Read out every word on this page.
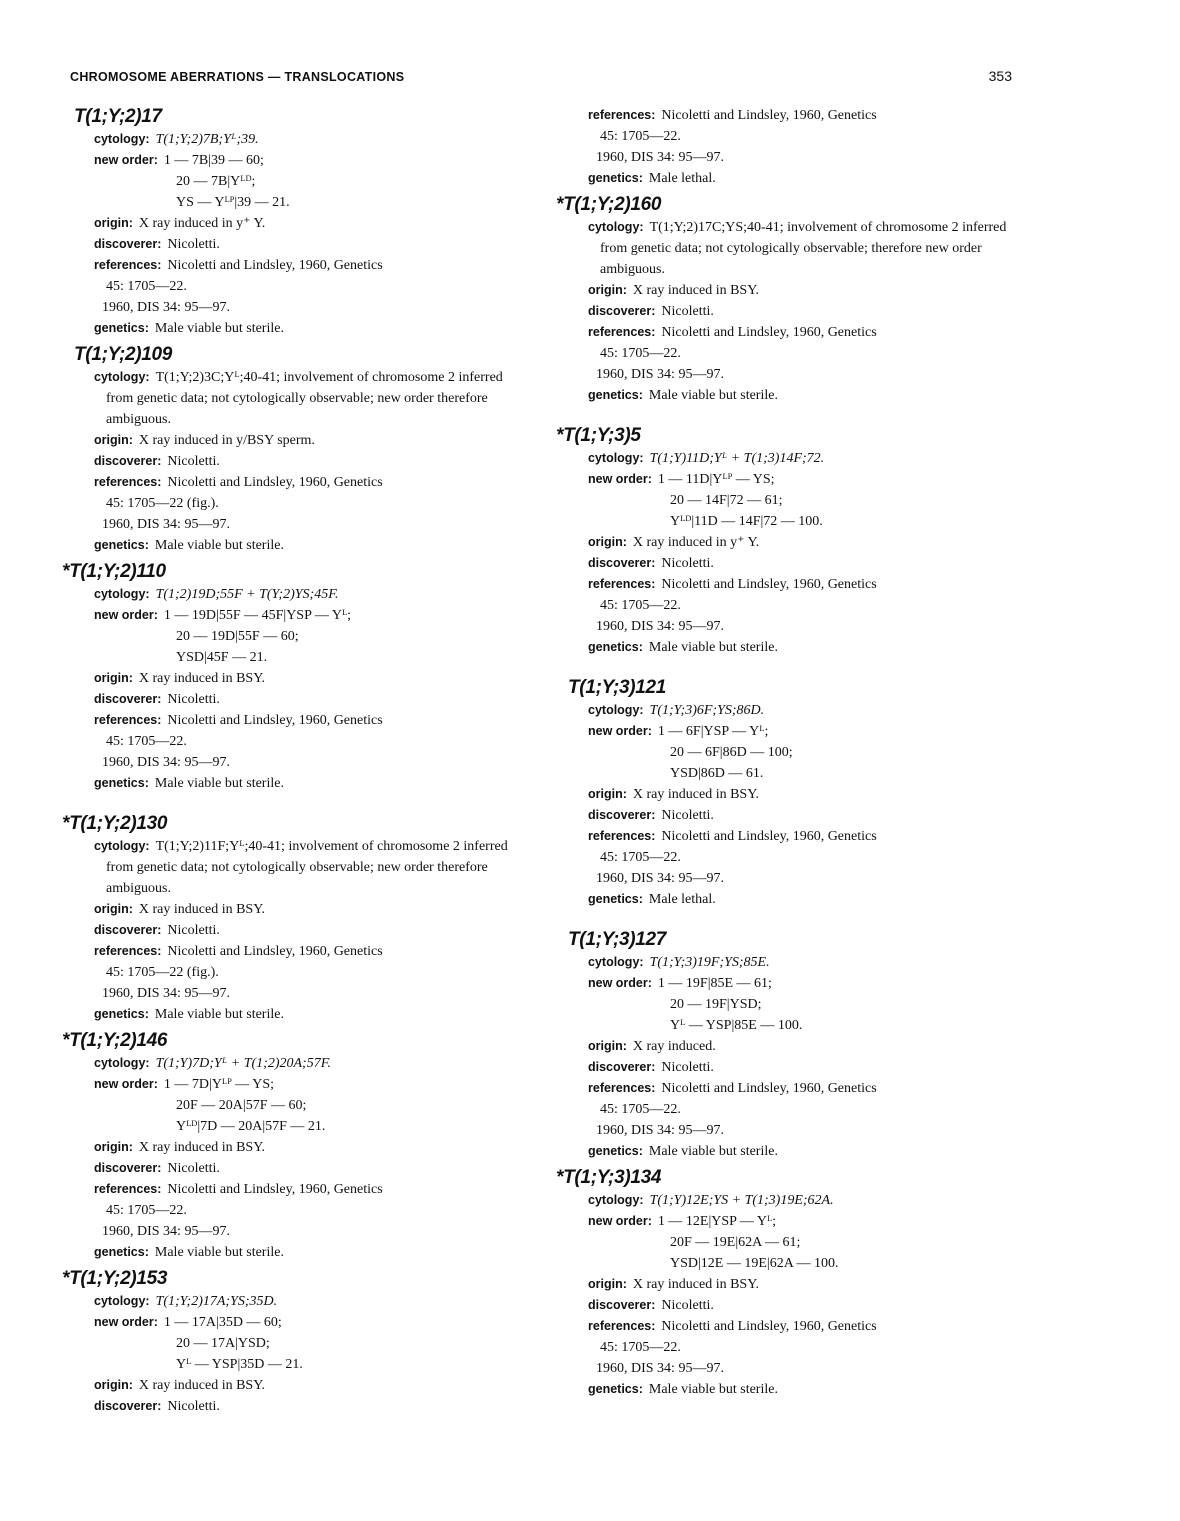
CHROMOSOME ABERRATIONS — TRANSLOCATIONS	353
T(1;Y;2)17
cytology: T(1;Y;2)7B;Yᴸ;39.
new order: 1 — 7B|39 — 60;
20 — 7B|Yᴸᴰ;
YS — Yᴸᴾ|39 — 21.
origin: X ray induced in y⁺ Y.
discoverer: Nicoletti.
references: Nicoletti and Lindsley, 1960, Genetics
45: 1705—22.
1960, DIS 34: 95—97.
genetics: Male viable but sterile.
T(1;Y;2)109
cytology: T(1;Y;2)3C;Yᴸ;40-41; involvement of chromosome 2 inferred from genetic data; not cytologically observable; new order therefore ambiguous.
origin: X ray induced in y/BSY sperm.
discoverer: Nicoletti.
references: Nicoletti and Lindsley, 1960, Genetics
45: 1705—22 (fig.).
1960, DIS 34: 95—97.
genetics: Male viable but sterile.
*T(1;Y;2)110
cytology: T(1;2)19D;55F + T(Y;2)YS;45F.
new order: 1 — 19D|55F — 45F|YSP — Yᴸ;
20 — 19D|55F — 60;
YSD|45F — 21.
origin: X ray induced in BSY.
discoverer: Nicoletti.
references: Nicoletti and Lindsley, 1960, Genetics
45: 1705—22.
1960, DIS 34: 95—97.
genetics: Male viable but sterile.
*T(1;Y;2)130
cytology: T(1;Y;2)11F;Yᴸ;40-41; involvement of chromosome 2 inferred from genetic data; not cytologically observable; new order therefore ambiguous.
origin: X ray induced in BSY.
discoverer: Nicoletti.
references: Nicoletti and Lindsley, 1960, Genetics
45: 1705—22 (fig.).
1960, DIS 34: 95—97.
genetics: Male viable but sterile.
*T(1;Y;2)146
cytology: T(1;Y)7D;Yᴸ + T(1;2)20A;57F.
new order: 1 — 7D|Yᴸᴾ — YS;
20F — 20A|57F — 60;
Yᴸᴰ|7D — 20A|57F — 21.
origin: X ray induced in BSY.
discoverer: Nicoletti.
references: Nicoletti and Lindsley, 1960, Genetics
45: 1705—22.
1960, DIS 34: 95—97.
genetics: Male viable but sterile.
*T(1;Y;2)153
cytology: T(1;Y;2)17A;YS;35D.
new order: 1 — 17A|35D — 60;
20 — 17A|YSD;
Yᴸ — YSP|35D — 21.
origin: X ray induced in BSY.
discoverer: Nicoletti.
references: Nicoletti and Lindsley, 1960, Genetics
45: 1705—22.
1960, DIS 34: 95—97.
genetics: Male lethal.
*T(1;Y;2)160
cytology: T(1;Y;2)17C;YS;40-41; involvement of chromosome 2 inferred from genetic data; not cytologically observable; therefore new order ambiguous.
origin: X ray induced in BSY.
discoverer: Nicoletti.
references: Nicoletti and Lindsley, 1960, Genetics
45: 1705—22.
1960, DIS 34: 95—97.
genetics: Male viable but sterile.
*T(1;Y;3)5
cytology: T(1;Y)11D;Yᴸ + T(1;3)14F;72.
new order: 1 — 11D|Yᴸᴾ — YS;
20 — 14F|72 — 61;
Yᴸᴰ|11D — 14F|72 — 100.
origin: X ray induced in y⁺ Y.
discoverer: Nicoletti.
references: Nicoletti and Lindsley, 1960, Genetics
45: 1705—22.
1960, DIS 34: 95—97.
genetics: Male viable but sterile.
T(1;Y;3)121
cytology: T(1;Y;3)6F;YS;86D.
new order: 1 — 6F|YSP — Yᴸ;
20 — 6F|86D — 100;
YSD|86D — 61.
origin: X ray induced in BSY.
discoverer: Nicoletti.
references: Nicoletti and Lindsley, 1960, Genetics
45: 1705—22.
1960, DIS 34: 95—97.
genetics: Male lethal.
T(1;Y;3)127
cytology: T(1;Y;3)19F;YS;85E.
new order: 1 — 19F|85E — 61;
20 — 19F|YSD;
Yᴸ — YSP|85E — 100.
origin: X ray induced.
discoverer: Nicoletti.
references: Nicoletti and Lindsley, 1960, Genetics
45: 1705—22.
1960, DIS 34: 95—97.
genetics: Male viable but sterile.
*T(1;Y;3)134
cytology: T(1;Y)12E;YS + T(1;3)19E;62A.
new order: 1 — 12E|YSP — Yᴸ;
20F — 19E|62A — 61;
YSD|12E — 19E|62A — 100.
origin: X ray induced in BSY.
discoverer: Nicoletti.
references: Nicoletti and Lindsley, 1960, Genetics
45: 1705—22.
1960, DIS 34: 95—97.
genetics: Male viable but sterile.
